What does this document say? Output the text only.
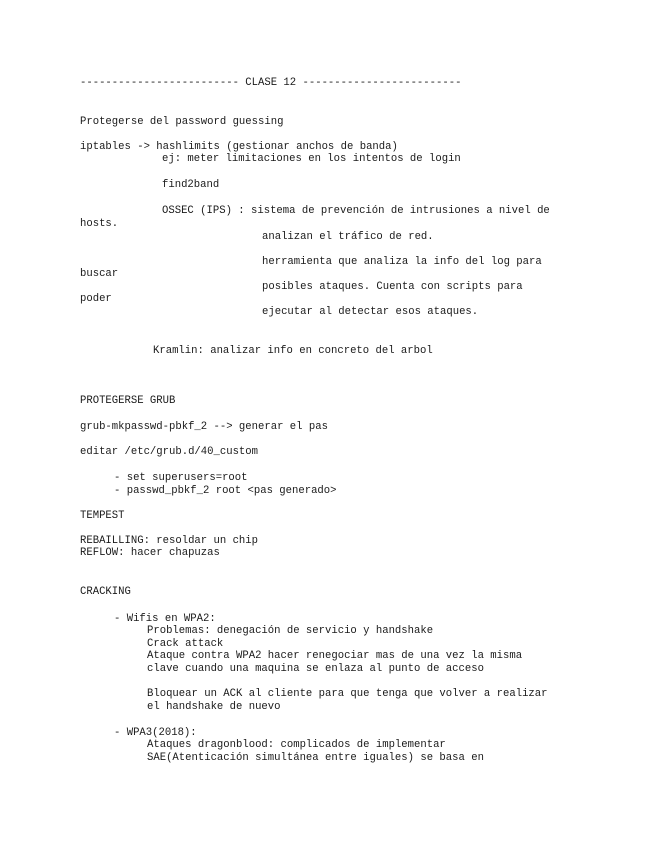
------------------------- CLASE 12 -------------------------
Protegerse del password guessing
iptables -> hashlimits (gestionar anchos de banda)
ej: meter limitaciones en los intentos de login
find2band
OSSEC (IPS) : sistema de prevención de intrusiones a nivel de
hosts.
analizan el tráfico de red.
herramienta que analiza la info del log para
buscar
posibles ataques. Cuenta con scripts para
poder
ejecutar al detectar esos ataques.
Kramlin: analizar info en concreto del arbol
PROTEGERSE GRUB
grub-mkpasswd-pbkf_2 --> generar el pas
editar /etc/grub.d/40_custom
- set superusers=root
- passwd_pbkf_2 root <pas generado>
TEMPEST
REBAILLING: resoldar un chip
REFLOW: hacer chapuzas
CRACKING
- Wifis en WPA2:
Problemas: denegación de servicio y handshake
Crack attack
Ataque contra WPA2 hacer renegociar mas de una vez la misma
clave cuando una maquina se enlaza al punto de acceso
Bloquear un ACK al cliente para que tenga que volver a realizar
el handshake de nuevo
- WPA3(2018):
Ataques dragonblood: complicados de implementar
SAE(Atenticación simultánea entre iguales) se basa en
